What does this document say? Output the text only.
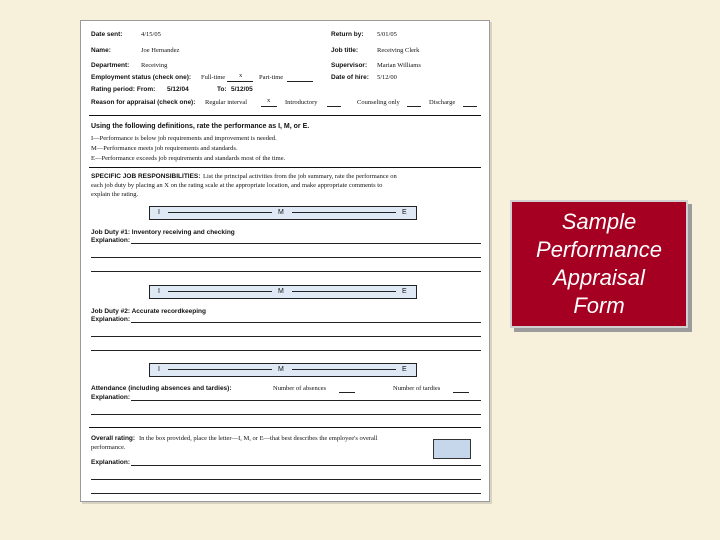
Date sent:	4/15/05	Return by: 5/01/05
Name:	Joe Hernandez	Job title:	Receiving Clerk
Department: Receiving	Supervisor: Marian Williams
Employment status (check one): Full-time x	Part-time	Date of hire: 5/12/00
Rating period: From: 5/12/04	To: 5/12/05
Reason for appraisal (check one): Regular interval	x Introductory	Counseling only	Discharge
Using the following definitions, rate the performance as I, M, or E.
I—Performance is below job requirements and improvement is needed.
M—Performance meets job requirements and standards.
E—Performance exceeds job requirements and standards most of the time.
SPECIFIC JOB RESPONSIBILITIES: List the principal activities from the job summary, rate the performance on
each job duty by placing an X on the rating scale at the appropriate location, and make appropriate comments to
explain the rating.
I	M	E
Job Duty #1: Inventory receiving and checking
Explanation:
I	M	E
Job Duty #2: Accurate recordkeeping
Explanation:
I	M	E
Attendance (including absences and tardies):	Number of absences	Number of tardies
Explanation:
Overall rating: In the box provided, place the letter—I, M, or E—that best describes the employee's overall
performance.
Explanation:
Sample
Performance
Appraisal
Form
